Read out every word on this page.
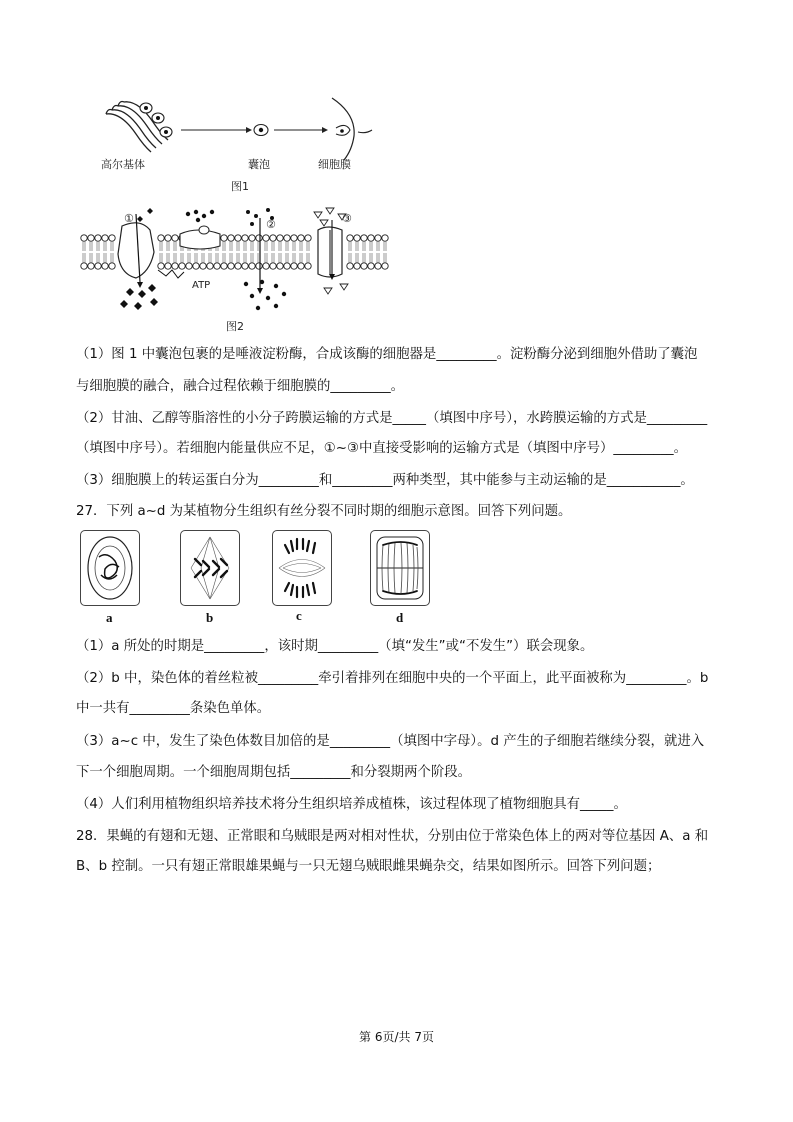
高尔基体	囊泡	细胞膜
图1
①	②	③
ATP
图2
（1）图 1 中囊泡包裹的是唾液淀粉酶，合成该酶的细胞器是_________。淀粉酶分泌到细胞外借助了囊泡
与细胞膜的融合，融合过程依赖于细胞膜的_________。
（2）甘油、乙醇等脂溶性的小分子跨膜运输的方式是_____（填图中序号），水跨膜运输的方式是_________
（填图中序号）。若细胞内能量供应不足，①~③中直接受影响的运输方式是（填图中序号）_________。
（3）细胞膜上的转运蛋白分为_________和_________两种类型，其中能参与主动运输的是___________。
27．下列 a~d 为某植物分生组织有丝分裂不同时期的细胞示意图。回答下列问题。
a	b	c	d
（1）a 所处的时期是_________，该时期_________（填“发生”或“不发生”）联会现象。
（2）b 中，染色体的着丝粒被_________牵引着排列在细胞中央的一个平面上，此平面被称为_________。b
中一共有_________条染色单体。
（3）a~c 中，发生了染色体数目加倍的是_________（填图中字母）。d 产生的子细胞若继续分裂，就进入
下一个细胞周期。一个细胞周期包括_________和分裂期两个阶段。
（4）人们利用植物组织培养技术将分生组织培养成植株，该过程体现了植物细胞具有_____。
28．果蝇的有翅和无翅、正常眼和乌贼眼是两对相对性状，分别由位于常染色体上的两对等位基因 A、a 和
B、b 控制。一只有翅正常眼雄果蝇与一只无翅乌贼眼雌果蝇杂交，结果如图所示。回答下列问题；
第 6页/共 7页
